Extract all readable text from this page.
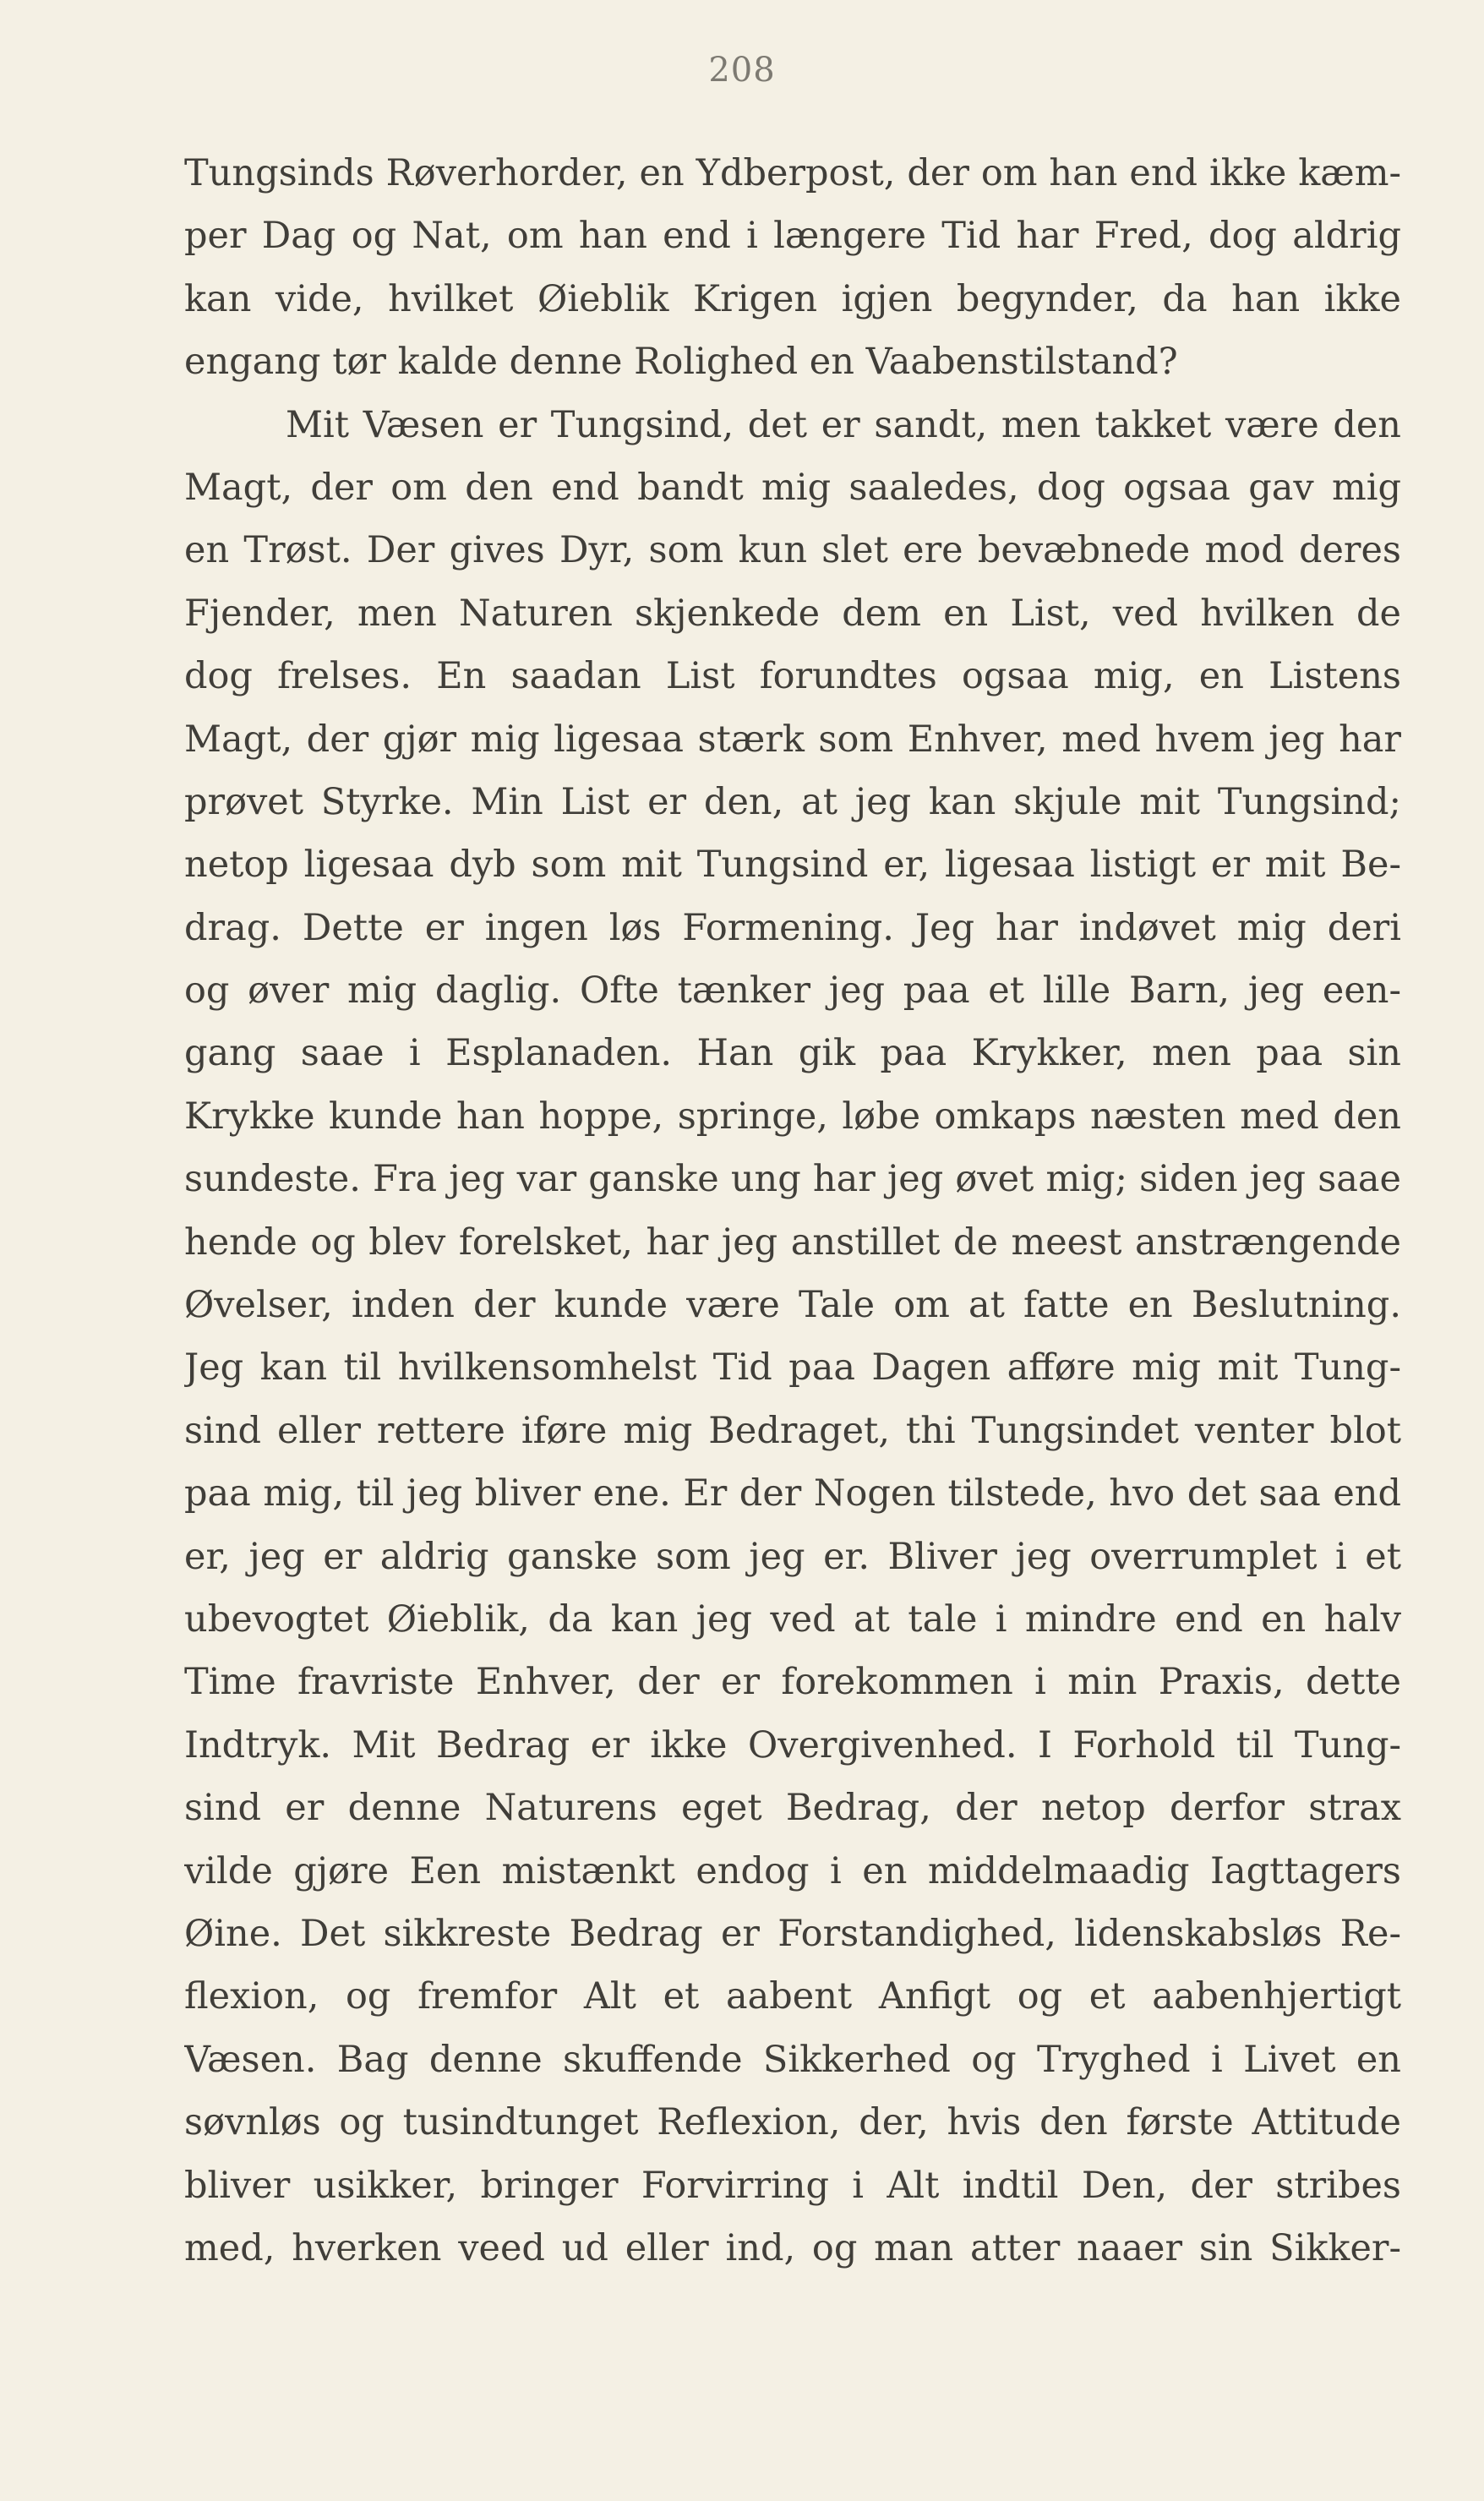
208
Tungsinds Røverhorder, en Ydberpost, der om han end ikke kæm-
per Dag og Nat, om han end i længere Tid har Fred, dog aldrig
kan vide, hvilket Øieblik Krigen igjen begynder, da han ikke
engang tør kalde denne Rolighed en Vaabenstilstand?
Mit Væsen er Tungsind, det er sandt, men takket være den
Magt, der om den end bandt mig saaledes, dog ogsaa gav mig
en Trøst. Der gives Dyr, som kun slet ere bevæbnede mod deres
Fjender, men Naturen skjenkede dem en List, ved hvilken de
dog frelses. En saadan List forundtes ogsaa mig, en Listens
Magt, der gjør mig ligesaa stærk som Enhver, med hvem jeg har
prøvet Styrke. Min List er den, at jeg kan skjule mit Tungsind;
netop ligesaa dyb som mit Tungsind er, ligesaa listigt er mit Be-
drag. Dette er ingen løs Formening. Jeg har indøvet mig deri
og øver mig daglig. Ofte tænker jeg paa et lille Barn, jeg een-
gang saae i Esplanaden. Han gik paa Krykker, men paa sin
Krykke kunde han hoppe, springe, løbe omkaps næsten med den
sundeste. Fra jeg var ganske ung har jeg øvet mig; siden jeg saae
hende og blev forelsket, har jeg anstillet de meest anstrængende
Øvelser, inden der kunde være Tale om at fatte en Beslutning.
Jeg kan til hvilkensomhelst Tid paa Dagen afføre mig mit Tung-
sind eller rettere iføre mig Bedraget, thi Tungsindet venter blot
paa mig, til jeg bliver ene. Er der Nogen tilstede, hvo det saa end
er, jeg er aldrig ganske som jeg er. Bliver jeg overrumplet i et
ubevogtet Øieblik, da kan jeg ved at tale i mindre end en halv
Time fravriste Enhver, der er forekommen i min Praxis, dette
Indtryk. Mit Bedrag er ikke Overgivenhed. I Forhold til Tung-
sind er denne Naturens eget Bedrag, der netop derfor strax
vilde gjøre Een mistænkt endog i en middelmaadig Iagttagers
Øine. Det sikkreste Bedrag er Forstandighed, lidenskabsløs Re-
flexion, og fremfor Alt et aabent Anfigt og et aabenhjertigt
Væsen. Bag denne skuffende Sikkerhed og Tryghed i Livet en
søvnløs og tusindtunget Reflexion, der, hvis den første Attitude
bliver usikker, bringer Forvirring i Alt indtil Den, der stribes
med, hverken veed ud eller ind, og man atter naaer sin Sikker-
